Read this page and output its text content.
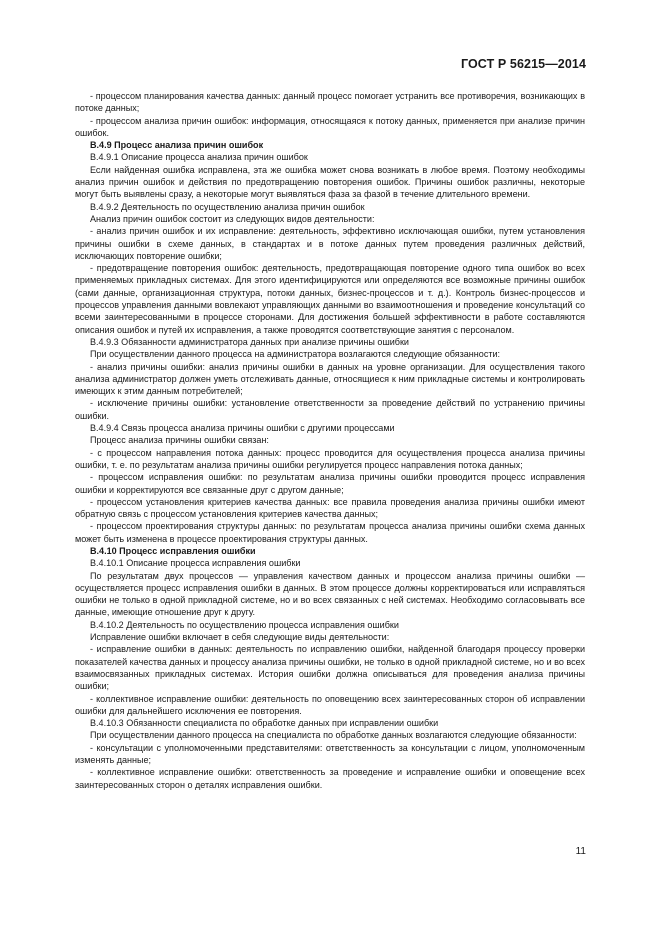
ГОСТ Р 56215—2014

- процессом планирования качества данных: данный процесс помогает устранить все противоречия, возникающих в потоке данных;

- процессом анализа причин ошибок: информация, относящаяся к потоку данных, применяется при анализе причин ошибок.

В.4.9 Процесс анализа причин ошибок

В.4.9.1 Описание процесса анализа причин ошибок

Если найденная ошибка исправлена, эта же ошибка может снова возникать в любое время. Поэтому необходимы анализ причин ошибок и действия по предотвращению повторения ошибок. Причины ошибок различны, некоторые могут быть выявлены сразу, а некоторые могут выявляться фаза за фазой в течение длительного времени.

В.4.9.2 Деятельность по осуществлению анализа причин ошибок

Анализ причин ошибок состоит из следующих видов деятельности:

- анализ причин ошибок и их исправление: деятельность, эффективно исключающая ошибки, путем установления причины ошибки в схеме данных, в стандартах и в потоке данных путем проведения различных действий, исключающих повторение ошибки;

- предотвращение повторения ошибок: деятельность, предотвращающая повторение одного типа ошибок во всех применяемых прикладных системах. Для этого идентифицируются или определяются все возможные причины ошибок (сами данные, организационная структура, потоки данных, бизнес-процессов и т. д.). Контроль бизнес-процессов и процессов управления данными вовлекают управляющих данными во взаимоотношения и проведение консультаций со всеми заинтересованными в процессе сторонами. Для достижения большей эффективности в работе составляются описания ошибок и путей их исправления, а также проводятся соответствующие занятия с персоналом.

В.4.9.3 Обязанности администратора данных при анализе причины ошибки

При осуществлении данного процесса на администратора возлагаются следующие обязанности:

- анализ причины ошибки: анализ причины ошибки в данных на уровне организации. Для осуществления такого анализа администратор должен уметь отслеживать данные, относящиеся к ним прикладные системы и контролировать имеющих к этим данным потребителей;

- исключение причины ошибки: установление ответственности за проведение действий по устранению причины ошибки.

В.4.9.4 Связь процесса анализа причины ошибки с другими процессами

Процесс анализа причины ошибки связан:

- с процессом направления потока данных: процесс проводится для осуществления процесса анализа причины ошибки, т. е. по результатам анализа причины ошибки регулируется процесс направления потока данных;

- процессом исправления ошибки: по результатам анализа причины ошибки проводится процесс исправления ошибки и корректируются все связанные друг с другом данные;

- процессом установления критериев качества данных: все правила проведения анализа причины ошибки имеют обратную связь с процессом установления критериев качества данных;

- процессом проектирования структуры данных: по результатам процесса анализа причины ошибки схема данных может быть изменена в процессе проектирования структуры данных.

В.4.10 Процесс исправления ошибки

В.4.10.1 Описание процесса исправления ошибки

По результатам двух процессов — управления качеством данных и процессом анализа причины ошибки — осуществляется процесс исправления ошибки в данных. В этом процессе должны корректироваться или исправляться ошибки не только в одной прикладной системе, но и во всех связанных с ней системах. Необходимо согласовывать все данные, имеющие отношение друг к другу.

В.4.10.2 Деятельность по осуществлению процесса исправления ошибки

Исправление ошибки включает в себя следующие виды деятельности:

- исправление ошибки в данных: деятельность по исправлению ошибки, найденной благодаря процессу проверки показателей качества данных и процессу анализа причины ошибки, не только в одной прикладной системе, но и во всех взаимосвязанных прикладных системах. История ошибки должна описываться для проведения анализа причины ошибки;

- коллективное исправление ошибки: деятельность по оповещению всех заинтересованных сторон об исправлении ошибки для дальнейшего исключения ее повторения.

В.4.10.3 Обязанности специалиста по обработке данных при исправлении ошибки

При осуществлении данного процесса на специалиста по обработке данных возлагаются следующие обязанности:

- консультации с уполномоченными представителями: ответственность за консультации с лицом, уполномоченным изменять данные;

- коллективное исправление ошибки: ответственность за проведение и исправление ошибки и оповещение всех заинтересованных сторон о деталях исправления ошибки.

11
